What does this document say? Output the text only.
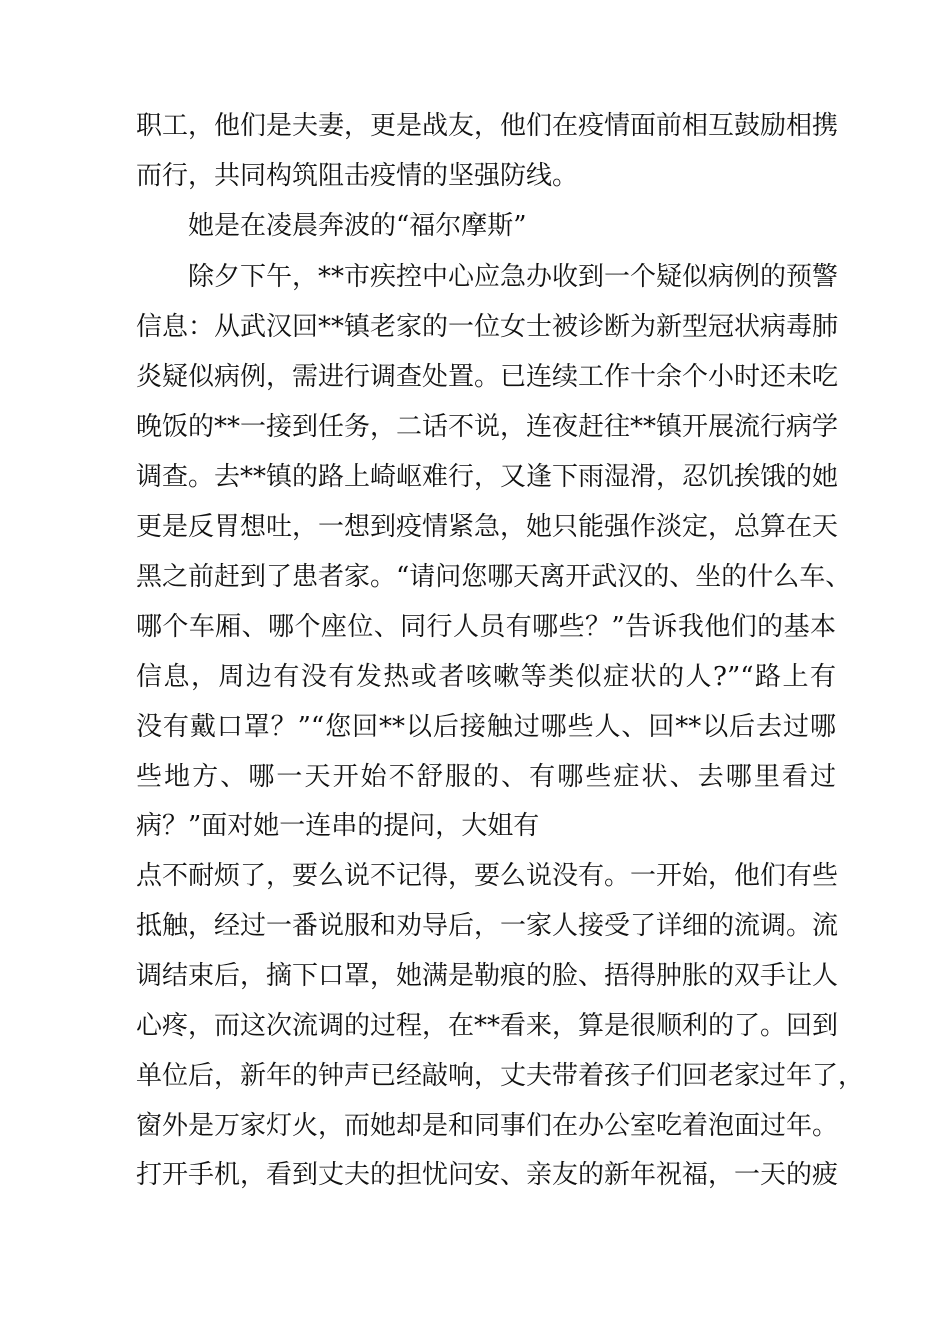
职工，他们是夫妻，更是战友，他们在疫情面前相互鼓励相携
而行，共同构筑阻击疫情的坚强防线。
她是在凌晨奔波的“福尔摩斯”
除夕下午，**市疾控中心应急办收到一个疑似病例的预警
信息：从武汉回**镇老家的一位女士被诊断为新型冠状病毒肺
炎疑似病例，需进行调查处置。已连续工作十余个小时还未吃
晚饭的**一接到任务，二话不说，连夜赶往**镇开展流行病学
调查。去**镇的路上崎岖难行，又逢下雨湿滑，忍饥挨饿的她
更是反胃想吐，一想到疫情紧急，她只能强作淡定，总算在天
黑之前赶到了患者家。“请问您哪天离开武汉的、坐的什么车、
哪个车厢、哪个座位、同行人员有哪些？”告诉我他们的基本
信息，周边有没有发热或者咳嗽等类似症状的人?”“路上有
没有戴口罩？”“您回**以后接触过哪些人、回**以后去过哪
些地方、哪一天开始不舒服的、有哪些症状、去哪里看过
病？”面对她一连串的提问，大姐有
点不耐烦了，要么说不记得，要么说没有。一开始，他们有些
抵触，经过一番说服和劝导后，一家人接受了详细的流调。流
调结束后，摘下口罩，她满是勒痕的脸、捂得肿胀的双手让人
心疼，而这次流调的过程，在**看来，算是很顺利的了。回到
单位后，新年的钟声已经敲响，丈夫带着孩子们回老家过年了，
窗外是万家灯火，而她却是和同事们在办公室吃着泡面过年。
打开手机，看到丈夫的担忧问安、亲友的新年祝福，一天的疲
